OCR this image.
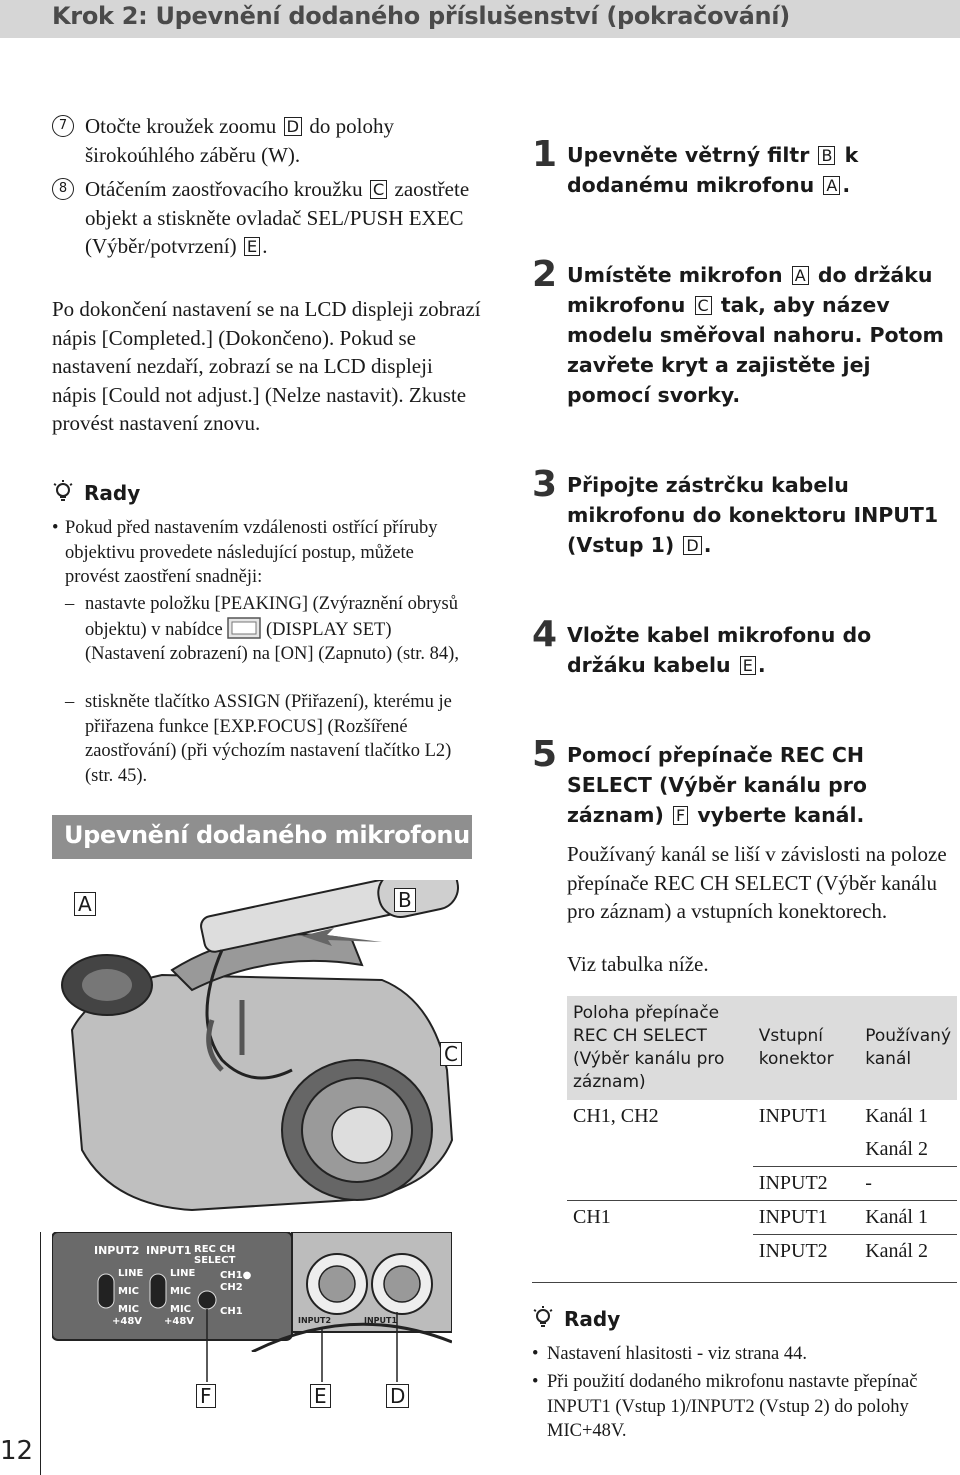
Krok 2: Upevnění dodaného příslušenství (pokračování)
7 Otočte kroužek zoomu D do polohy širokoúhlého záběru (W).
8 Otáčením zaostřovacího kroužku C zaostřete objekt a stiskněte ovladač SEL/PUSH EXEC (Výběr/potvrzení) E .
Po dokončení nastavení se na LCD displeji zobrazí nápis [Completed.] (Dokončeno). Pokud se nastavení nezdaří, zobrazí se na LCD displeji nápis [Could not adjust.] (Nelze nastavit). Zkuste provést nastavení znovu.
Rady
• Pokud před nastavením vzdálenosti ostřící příruby objektivu provedete následující postup, můžete provést zaostření snadněji:
– nastavte položku [PEAKING] (Zvýraznění obrysů objektu) v nabídce (DISPLAY SET) (Nastavení zobrazení) na [ON] (Zapnuto) (str. 84),
– stiskněte tlačítko ASSIGN (Přiřazení), kterému je přiřazena funkce [EXP.FOCUS] (Rozšířené zaostřování) (při výchozím nastavení tlačítko L2) (str. 45).
Upevnění dodaného mikrofonu
A	B
C
INPUT2 INPUT1 REC CH
SELECT
LINE	LINE
MIC	MIC
MIC	MIC
+48V +48V
CH1●
CH2
CH1
INPUT2	INPUT1
F	E	D
1 Upevněte větrný filtr B k dodanému mikrofonu A .
2 Umístěte mikrofon A do držáku mikrofonu C tak, aby název modelu směřoval nahoru. Potom zavřete kryt a zajistěte jej pomocí svorky.
3 Připojte zástrčku kabelu mikrofonu do konektoru INPUT1 (Vstup 1) D .
4 Vložte kabel mikrofonu do držáku kabelu E .
5 Pomocí přepínače REC CH SELECT (Výběr kanálu pro záznam) F vyberte kanál.
Používaný kanál se liší v závislosti na poloze přepínače REC CH SELECT (Výběr kanálu pro záznam) a vstupních konektorech.
Viz tabulka níže.
Poloha přepínače REC CH SELECT (Výběr kanálu pro záznam)	Vstupní konektor	Používaný kanál
CH1, CH2	INPUT1	Kanál 1
		Kanál 2
	INPUT2	-
CH1	INPUT1	Kanál 1
	INPUT2	Kanál 2
Rady
• Nastavení hlasitosti - viz strana 44.
• Při použití dodaného mikrofonu nastavte přepínač INPUT1 (Vstup 1)/INPUT2 (Vstup 2) do polohy MIC+48V.
12
